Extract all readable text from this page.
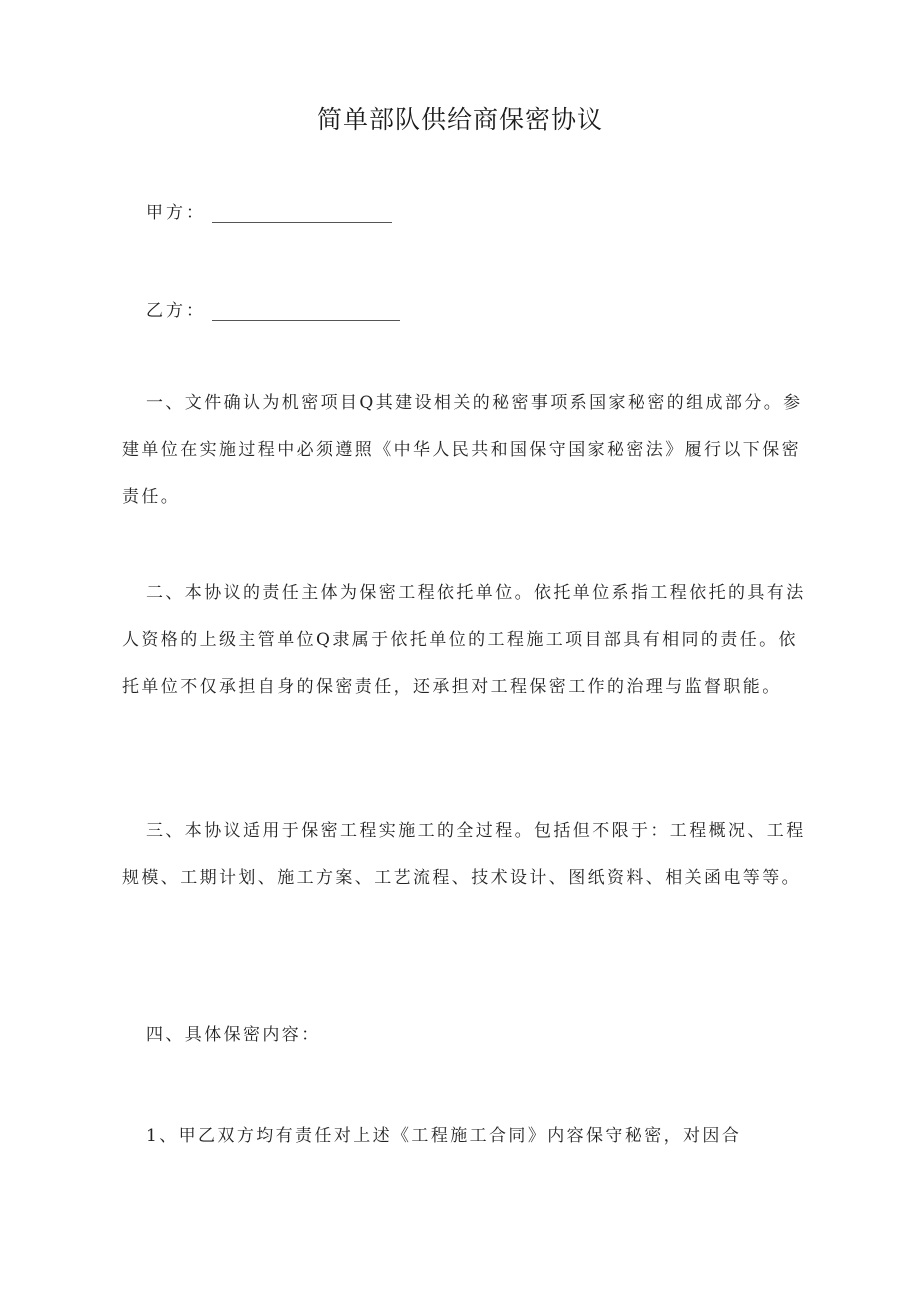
简单部队供给商保密协议
甲方：
乙方：

一、文件确认为机密项目Q其建设相关的秘密事项系国家秘密的组成部分。参建单位在实施过程中必须遵照《中华人民共和国保守国家秘密法》履行以下保密责任。

二、本协议的责任主体为保密工程依托单位。依托单位系指工程依托的具有法人资格的上级主管单位Q隶属于依托单位的工程施工项目部具有相同的责任。依托单位不仅承担自身的保密责任，还承担对工程保密工作的治理与监督职能。

三、本协议适用于保密工程实施工的全过程。包括但不限于：工程概况、工程规模、工期计划、施工方案、工艺流程、技术设计、图纸资料、相关函电等等。

四、具体保密内容：

1、甲乙双方均有责任对上述《工程施工合同》内容保守秘密，对因合
